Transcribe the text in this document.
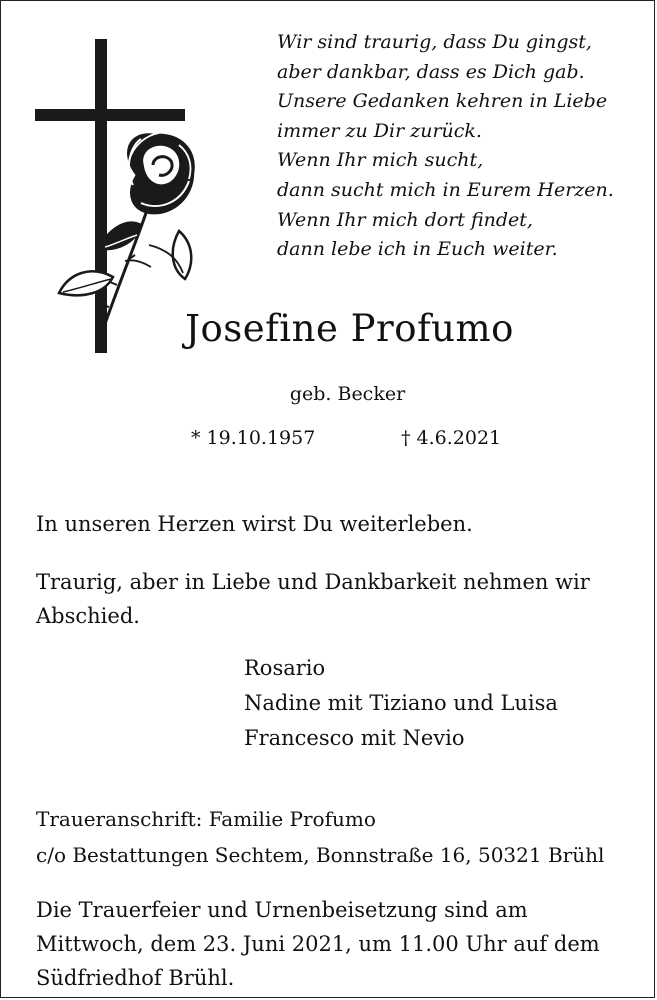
Wir sind traurig, dass Du gingst,
aber dankbar, dass es Dich gab.
Unsere Gedanken kehren in Liebe
immer zu Dir zurück.
Wenn Ihr mich sucht,
dann sucht mich in Eurem Herzen.
Wenn Ihr mich dort findet,
dann lebe ich in Euch weiter.
Josefine Profumo
geb. Becker
* 19.10.1957	† 4.6.2021
In unseren Herzen wirst Du weiterleben.
Traurig, aber in Liebe und Dankbarkeit nehmen wir Abschied.
Rosario
Nadine mit Tiziano und Luisa
Francesco mit Nevio
Traueranschrift: Familie Profumo
c/o Bestattungen Sechtem, Bonnstraße 16, 50321 Brühl
Die Trauerfeier und Urnenbeisetzung sind am Mittwoch, dem 23. Juni 2021, um 11.00 Uhr auf dem Südfriedhof Brühl.
